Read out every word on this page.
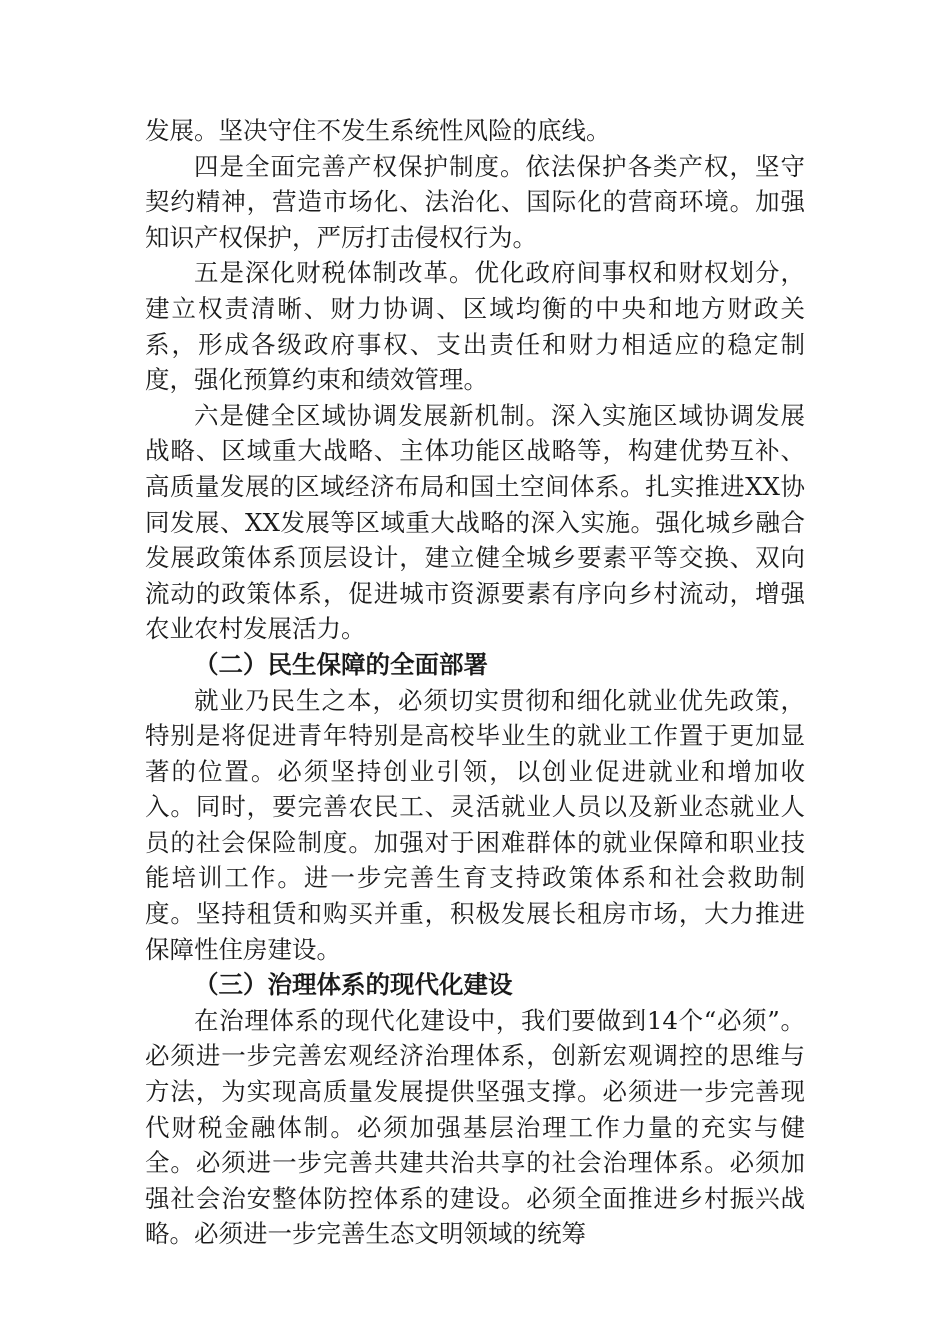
发展。坚决守住不发生系统性风险的底线。

四是全面完善产权保护制度。依法保护各类产权，坚守契约精神，营造市场化、法治化、国际化的营商环境。加强知识产权保护，严厉打击侵权行为。

五是深化财税体制改革。优化政府间事权和财权划分，建立权责清晰、财力协调、区域均衡的中央和地方财政关系，形成各级政府事权、支出责任和财力相适应的稳定制度，强化预算约束和绩效管理。

六是健全区域协调发展新机制。深入实施区域协调发展战略、区域重大战略、主体功能区战略等，构建优势互补、高质量发展的区域经济布局和国土空间体系。扎实推进XX协同发展、XX发展等区域重大战略的深入实施。强化城乡融合发展政策体系顶层设计，建立健全城乡要素平等交换、双向流动的政策体系，促进城市资源要素有序向乡村流动，增强农业农村发展活力。

（二）民生保障的全面部署

就业乃民生之本，必须切实贯彻和细化就业优先政策，特别是将促进青年特别是高校毕业生的就业工作置于更加显著的位置。必须坚持创业引领，以创业促进就业和增加收入。同时，要完善农民工、灵活就业人员以及新业态就业人员的社会保险制度。加强对于困难群体的就业保障和职业技能培训工作。进一步完善生育支持政策体系和社会救助制度。坚持租赁和购买并重，积极发展长租房市场，大力推进保障性住房建设。

（三）治理体系的现代化建设

在治理体系的现代化建设中，我们要做到14个“必须”。必须进一步完善宏观经济治理体系，创新宏观调控的思维与方法，为实现高质量发展提供坚强支撑。必须进一步完善现代财税金融体制。必须加强基层治理工作力量的充实与健全。必须进一步完善共建共治共享的社会治理体系。必须加强社会治安整体防控体系的建设。必须全面推进乡村振兴战略。必须进一步完善生态文明领域的统筹
